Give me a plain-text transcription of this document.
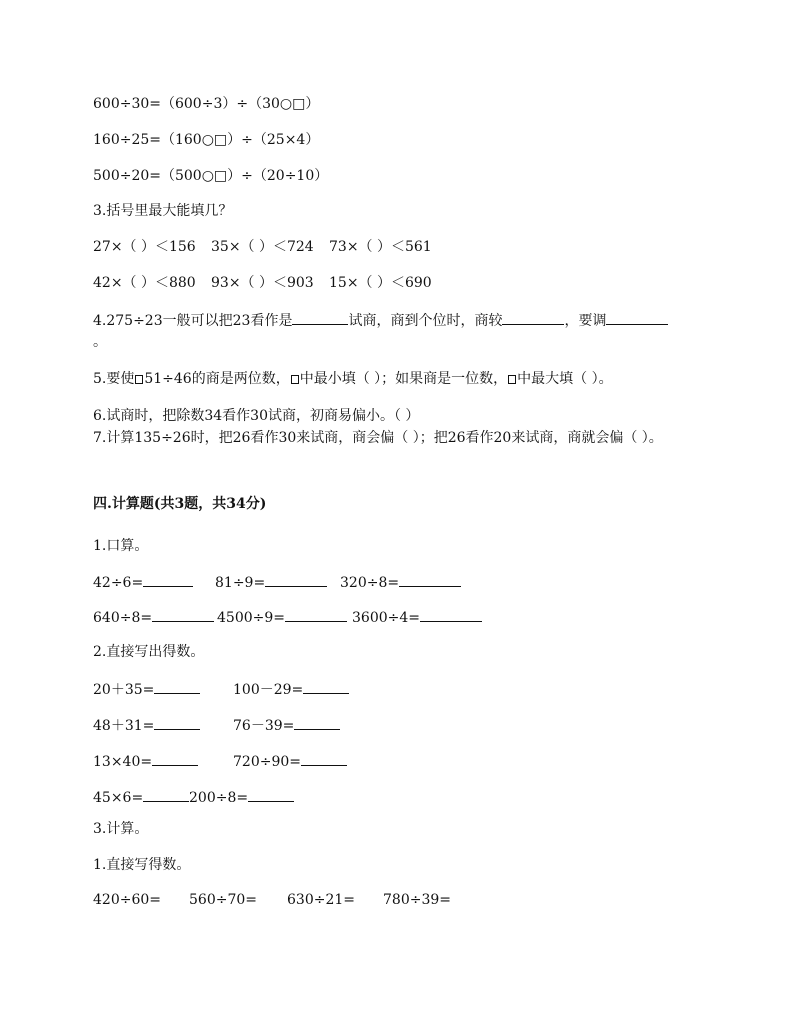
600÷30=（600÷3）÷（30○□）
160÷25=（160○□）÷（25×4）
500÷20=（500○□）÷（20÷10）
3.括号里最大能填几？
27×（ ）＜156 35×（ ）＜724 73×（ ）＜561
42×（ ）＜880 93×（ ）＜903 15×（ ）＜690
4.275÷23一般可以把23看作是	试商，商到个位时，商较	，要调
。
5.要使 51÷46的商是两位数， 中最小填（ ）；如果商是一位数， 中最大填（ ）。
6.试商时，把除数34看作30试商，初商易偏小。（ ）
7.计算135÷26时，把26看作30来试商，商会偏（ ）；把26看作20来试商，商就会偏（ ）。
四.计算题(共3题，共34分)
1.口算。
42÷6=	81÷9=	320÷8=
640÷8=	4500÷9=	3600÷4=
2.直接写出得数。
20＋35=	100－29=
48＋31=	76－39=
13×40=	720÷90=
45×6=	200÷8=
3.计算。
1.直接写得数。
420÷60= 560÷70= 630÷21= 780÷39=
